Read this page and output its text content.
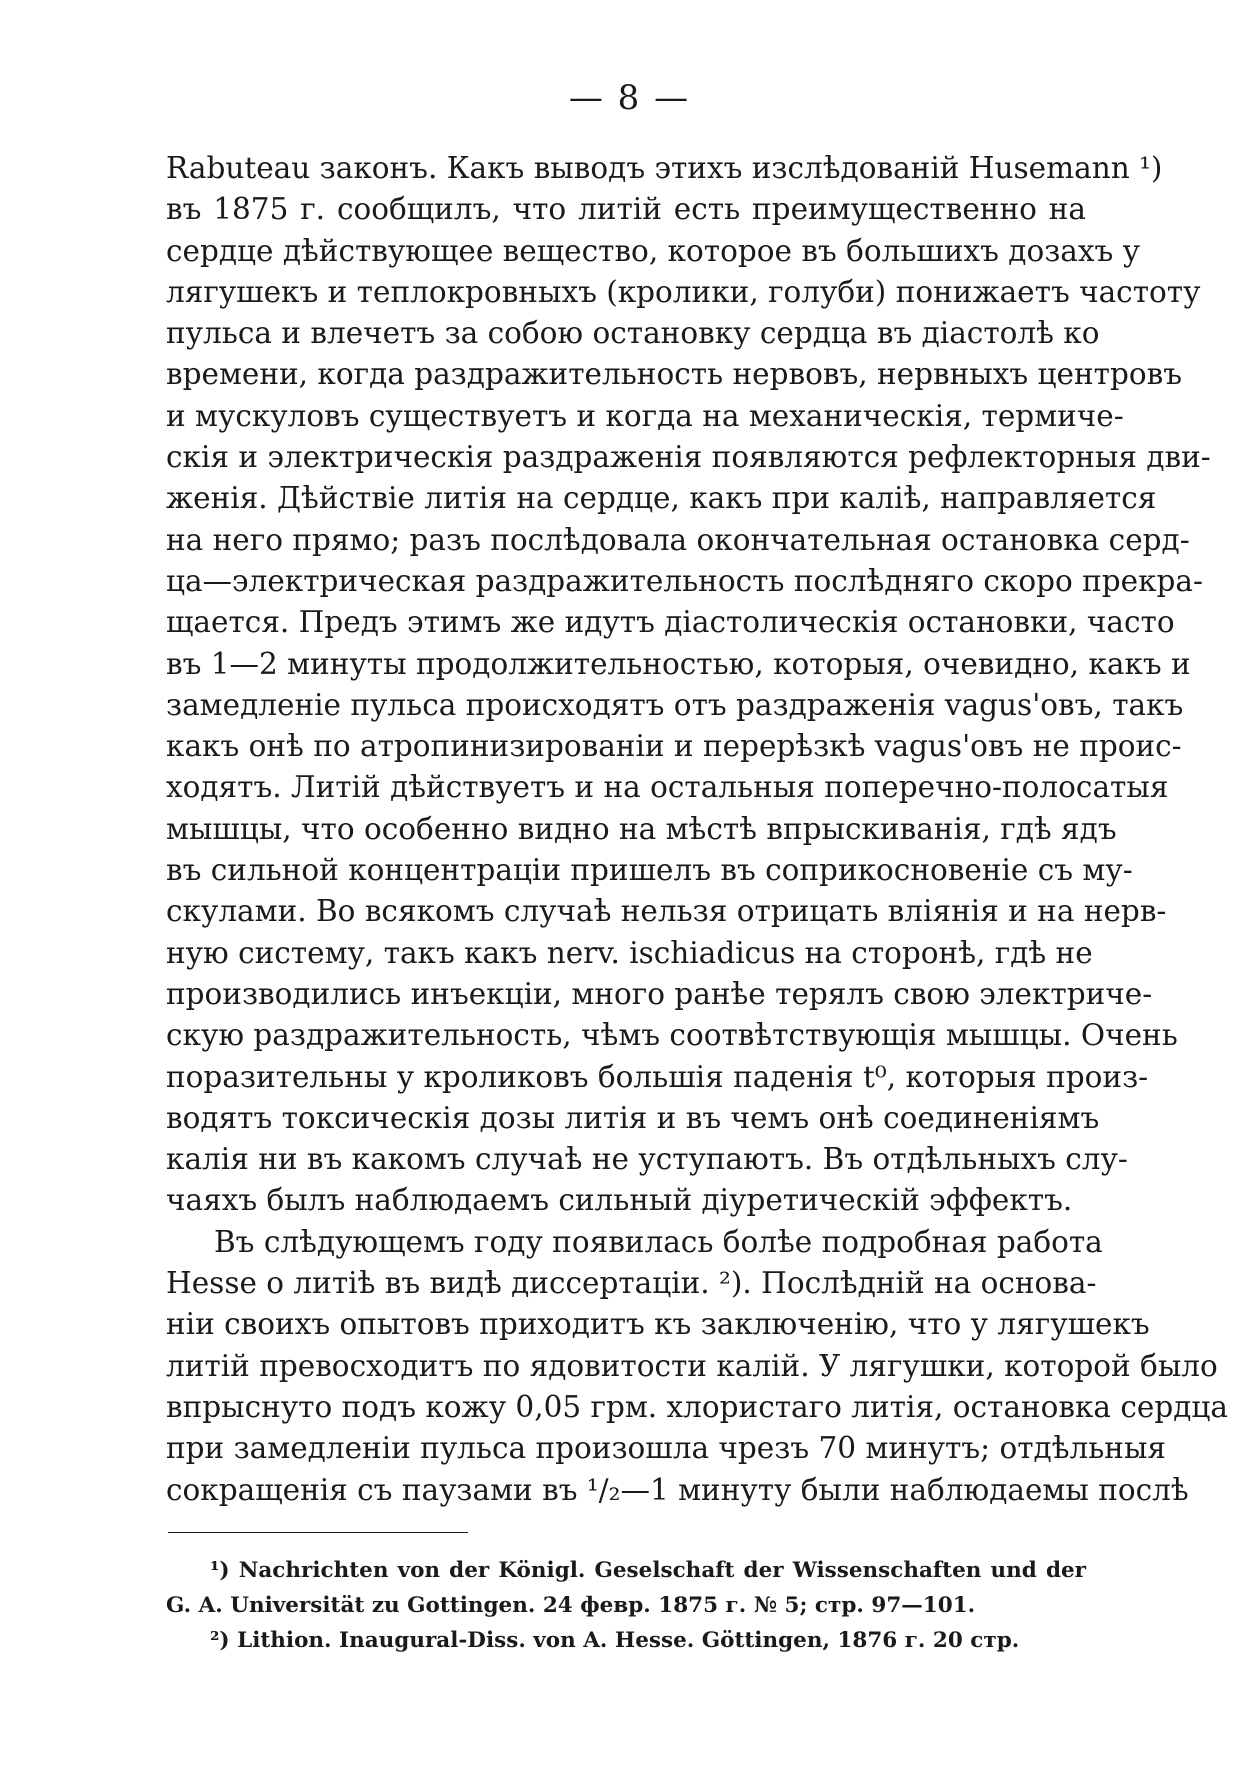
— 8 —
Rabuteau законъ. Какъ выводъ этихъ изслѣдованій Husemann ¹)
въ 1875 г. сообщилъ, что литій есть преимущественно на
сердце дѣйствующее вещество, которое въ большихъ дозахъ у
лягушекъ и теплокровныхъ (кролики, голуби) понижаетъ частоту
пульса и влечетъ за собою остановку сердца въ діастолѣ ко
времени, когда раздражительность нервовъ, нервныхъ центровъ
и мускуловъ существуетъ и когда на механическія, термиче-
скія и электрическія раздраженія появляются рефлекторныя дви-
женія. Дѣйствіе литія на сердце, какъ при каліѣ, направляется
на него прямо; разъ послѣдовала окончательная остановка серд-
ца—электрическая раздражительность послѣдняго скоро прекра-
щается. Предъ этимъ же идутъ діастолическія остановки, часто
въ 1—2 минуты продолжительностью, которыя, очевидно, какъ и
замедленіе пульса происходятъ отъ раздраженія vagus'овъ, такъ
какъ онѣ по атропинизированіи и перерѣзкѣ vagus'овъ не проис-
ходятъ. Литій дѣйствуетъ и на остальныя поперечно-полосатыя
мышцы, что особенно видно на мѣстѣ впрыскиванія, гдѣ ядъ
въ сильной концентраціи пришелъ въ соприкосновеніе съ му-
скулами. Во всякомъ случаѣ нельзя отрицать вліянія и на нерв-
ную систему, такъ какъ nerv. ischiadicus на сторонѣ, гдѣ не
производились инъекціи, много ранѣе терялъ свою электриче-
скую раздражительность, чѣмъ соотвѣтствующія мышцы. Очень
поразительны у кроликовъ большія паденія t⁰, которыя произ-
водятъ токсическія дозы литія и въ чемъ онѣ соединеніямъ
калія ни въ какомъ случаѣ не уступаютъ. Въ отдѣльныхъ слу-
чаяхъ былъ наблюдаемъ сильный діуретическій эффектъ.
Въ слѣдующемъ году появилась болѣе подробная работа
Hesse о литіѣ въ видѣ диссертаціи. ²). Послѣдній на основа-
ніи своихъ опытовъ приходитъ къ заключенію, что у лягушекъ
литій превосходитъ по ядовитости калій. У лягушки, которой было
впрыснуто подъ кожу 0,05 грм. хлористаго литія, остановка сердца
при замедленіи пульса произошла чрезъ 70 минутъ; отдѣльныя
сокращенія съ паузами въ ¹/₂—1 минуту были наблюдаемы послѣ
¹) Nachrichten von der Königl. Geselschaft der Wissenschaften und der
G. A. Universität zu Gottingen. 24 февр. 1875 г. № 5; стр. 97—101.
²) Lithion. Inaugural-Diss. von A. Hesse. Göttingen, 1876 г. 20 стр.
